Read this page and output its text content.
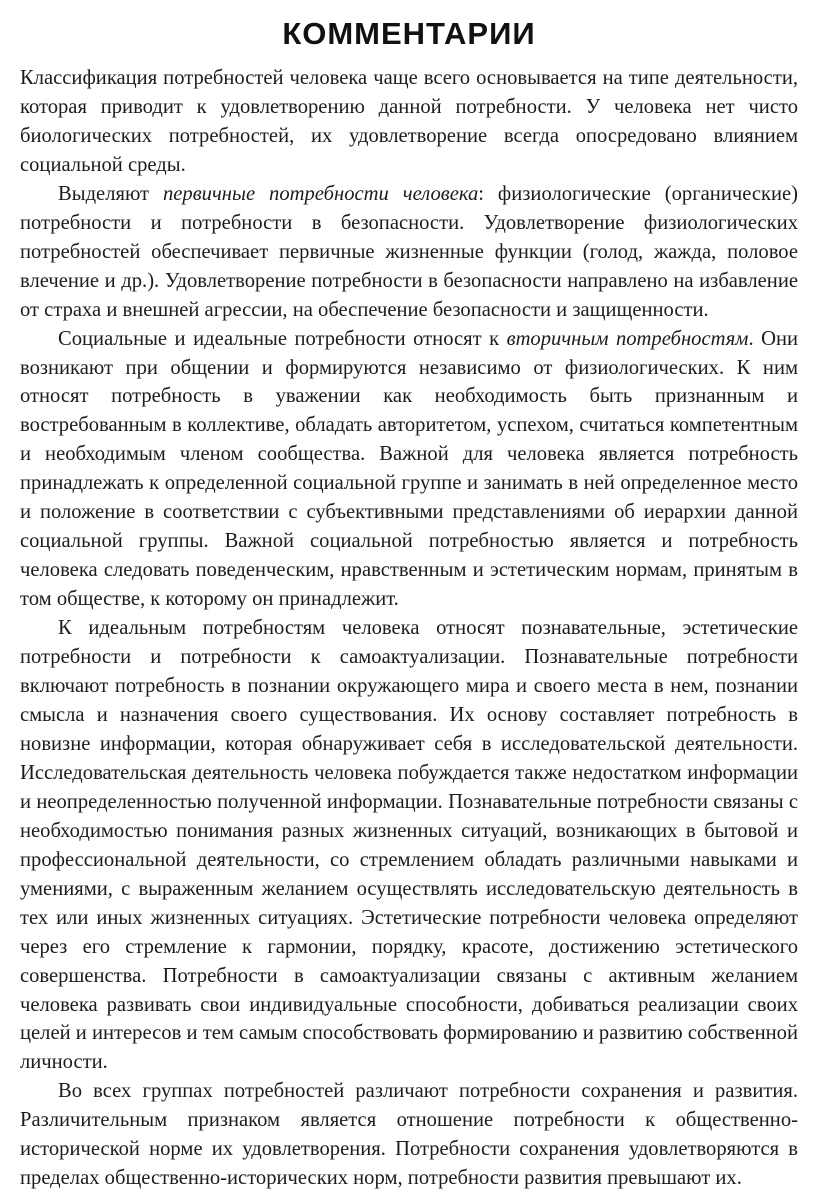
КОММЕНТАРИИ

Классификация потребностей человека чаще всего основывается на типе деятельности, которая приводит к удовлетворению данной потребности. У человека нет чисто биологических потребностей, их удовлетворение всегда опосредовано влиянием социальной среды.

Выделяют первичные потребности человека: физиологические (органические) потребности и потребности в безопасности. Удовлетворение физиологических потребностей обеспечивает первичные жизненные функции (голод, жажда, половое влечение и др.). Удовлетворение потребности в безопасности направлено на избавление от страха и внешней агрессии, на обеспечение безопасности и защищенности.

Социальные и идеальные потребности относят к вторичным потребностям. Они возникают при общении и формируются независимо от физиологических. К ним относят потребность в уважении как необходимость быть признанным и востребованным в коллективе, обладать авторитетом, успехом, считаться компетентным и необходимым членом сообщества. Важной для человека является потребность принадлежать к определенной социальной группе и занимать в ней определенное место и положение в соответствии с субъективными представлениями об иерархии данной социальной группы. Важной социальной потребностью является и потребность человека следовать поведенческим, нравственным и эстетическим нормам, принятым в том обществе, к которому он принадлежит.

К идеальным потребностям человека относят познавательные, эстетические потребности и потребности к самоактуализации. Познавательные потребности включают потребность в познании окружающего мира и своего места в нем, познании смысла и назначения своего существования. Их основу составляет потребность в новизне информации, которая обнаруживает себя в исследовательской деятельности. Исследовательская деятельность человека побуждается также недостатком информации и неопределенностью полученной информации. Познавательные потребности связаны с необходимостью понимания разных жизненных ситуаций, возникающих в бытовой и профессиональной деятельности, со стремлением обладать различными навыками и умениями, с выраженным желанием осуществлять исследовательскую деятельность в тех или иных жизненных ситуациях. Эстетические потребности человека определяют через его стремление к гармонии, порядку, красоте, достижению эстетического совершенства. Потребности в самоактуализации связаны с активным желанием человека развивать свои индивидуальные способности, добиваться реализации своих целей и интересов и тем самым способствовать формированию и развитию собственной личности.

Во всех группах потребностей различают потребности сохранения и развития. Различительным признаком является отношение потребности к общественно-исторической норме их удовлетворения. Потребности сохранения удовлетворяются в пределах общественно-исторических норм, потребности развития превышают их.
